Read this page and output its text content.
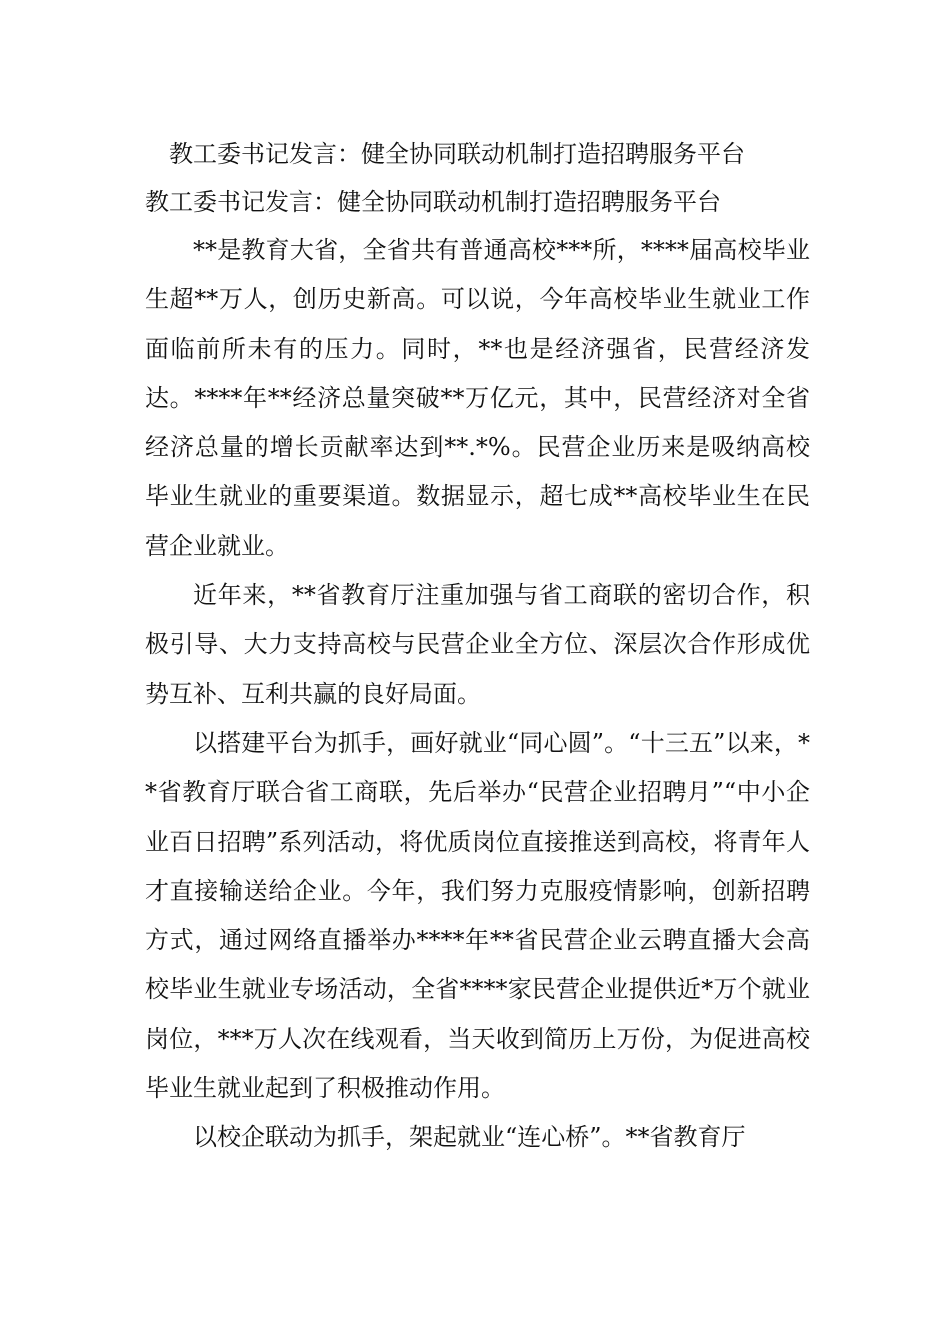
教工委书记发言：健全协同联动机制打造招聘服务平台
教工委书记发言：健全协同联动机制打造招聘服务平台

**是教育大省，全省共有普通高校***所，****届高校毕业生超**万人，创历史新高。可以说，今年高校毕业生就业工作面临前所未有的压力。同时，**也是经济强省，民营经济发达。****年**经济总量突破**万亿元，其中，民营经济对全省经济总量的增长贡献率达到**.*%。民营企业历来是吸纳高校毕业生就业的重要渠道。数据显示，超七成**高校毕业生在民营企业就业。

近年来，**省教育厅注重加强与省工商联的密切合作，积极引导、大力支持高校与民营企业全方位、深层次合作形成优势互补、互利共赢的良好局面。

以搭建平台为抓手，画好就业“同心圆”。“十三五”以来，**省教育厅联合省工商联，先后举办“民营企业招聘月”“中小企业百日招聘”系列活动，将优质岗位直接推送到高校，将青年人才直接输送给企业。今年，我们努力克服疫情影响，创新招聘方式，通过网络直播举办****年**省民营企业云聘直播大会高校毕业生就业专场活动，全省****家民营企业提供近*万个就业岗位，***万人次在线观看，当天收到简历上万份，为促进高校毕业生就业起到了积极推动作用。

以校企联动为抓手，架起就业“连心桥”。**省教育厅
